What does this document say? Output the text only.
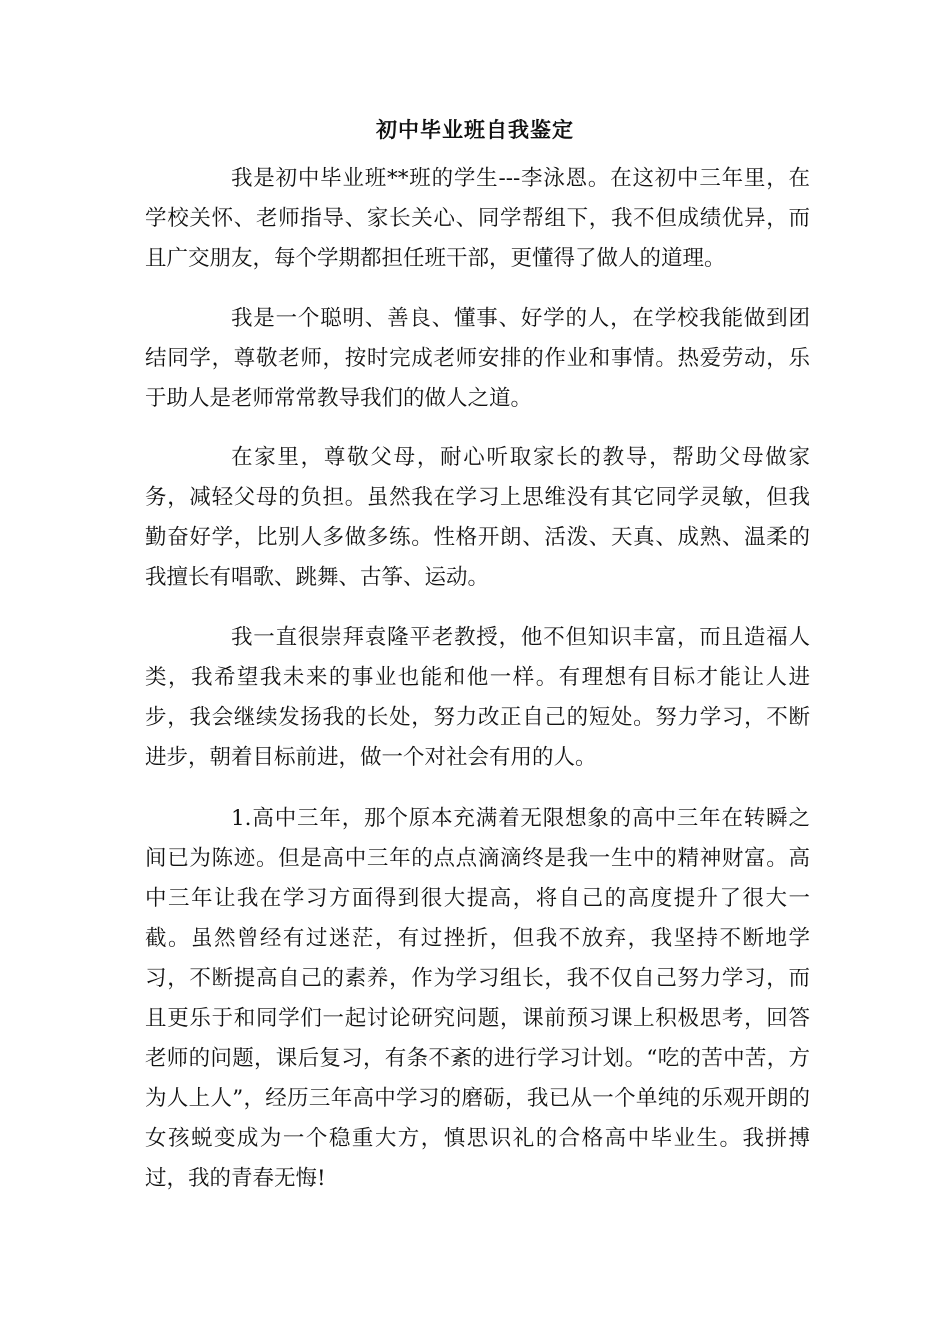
初中毕业班自我鉴定

我是初中毕业班**班的学生---李泳恩。在这初中三年里，在学校关怀、老师指导、家长关心、同学帮组下，我不但成绩优异，而且广交朋友，每个学期都担任班干部，更懂得了做人的道理。

我是一个聪明、善良、懂事、好学的人，在学校我能做到团结同学，尊敬老师，按时完成老师安排的作业和事情。热爱劳动，乐于助人是老师常常教导我们的做人之道。

在家里，尊敬父母，耐心听取家长的教导，帮助父母做家务，减轻父母的负担。虽然我在学习上思维没有其它同学灵敏，但我勤奋好学，比别人多做多练。性格开朗、活泼、天真、成熟、温柔的我擅长有唱歌、跳舞、古筝、运动。

我一直很崇拜袁隆平老教授，他不但知识丰富，而且造福人类，我希望我未来的事业也能和他一样。有理想有目标才能让人进步，我会继续发扬我的长处，努力改正自己的短处。努力学习，不断进步，朝着目标前进，做一个对社会有用的人。

1.高中三年，那个原本充满着无限想象的高中三年在转瞬之间已为陈迹。但是高中三年的点点滴滴终是我一生中的精神财富。高中三年让我在学习方面得到很大提高，将自己的高度提升了很大一截。虽然曾经有过迷茫，有过挫折，但我不放弃，我坚持不断地学习，不断提高自己的素养，作为学习组长，我不仅自己努力学习，而且更乐于和同学们一起讨论研究问题，课前预习课上积极思考，回答老师的问题，课后复习，有条不紊的进行学习计划。“吃的苦中苦，方为人上人”，经历三年高中学习的磨砺，我已从一个单纯的乐观开朗的女孩蜕变成为一个稳重大方，慎思识礼的合格高中毕业生。我拼搏过，我的青春无悔!
